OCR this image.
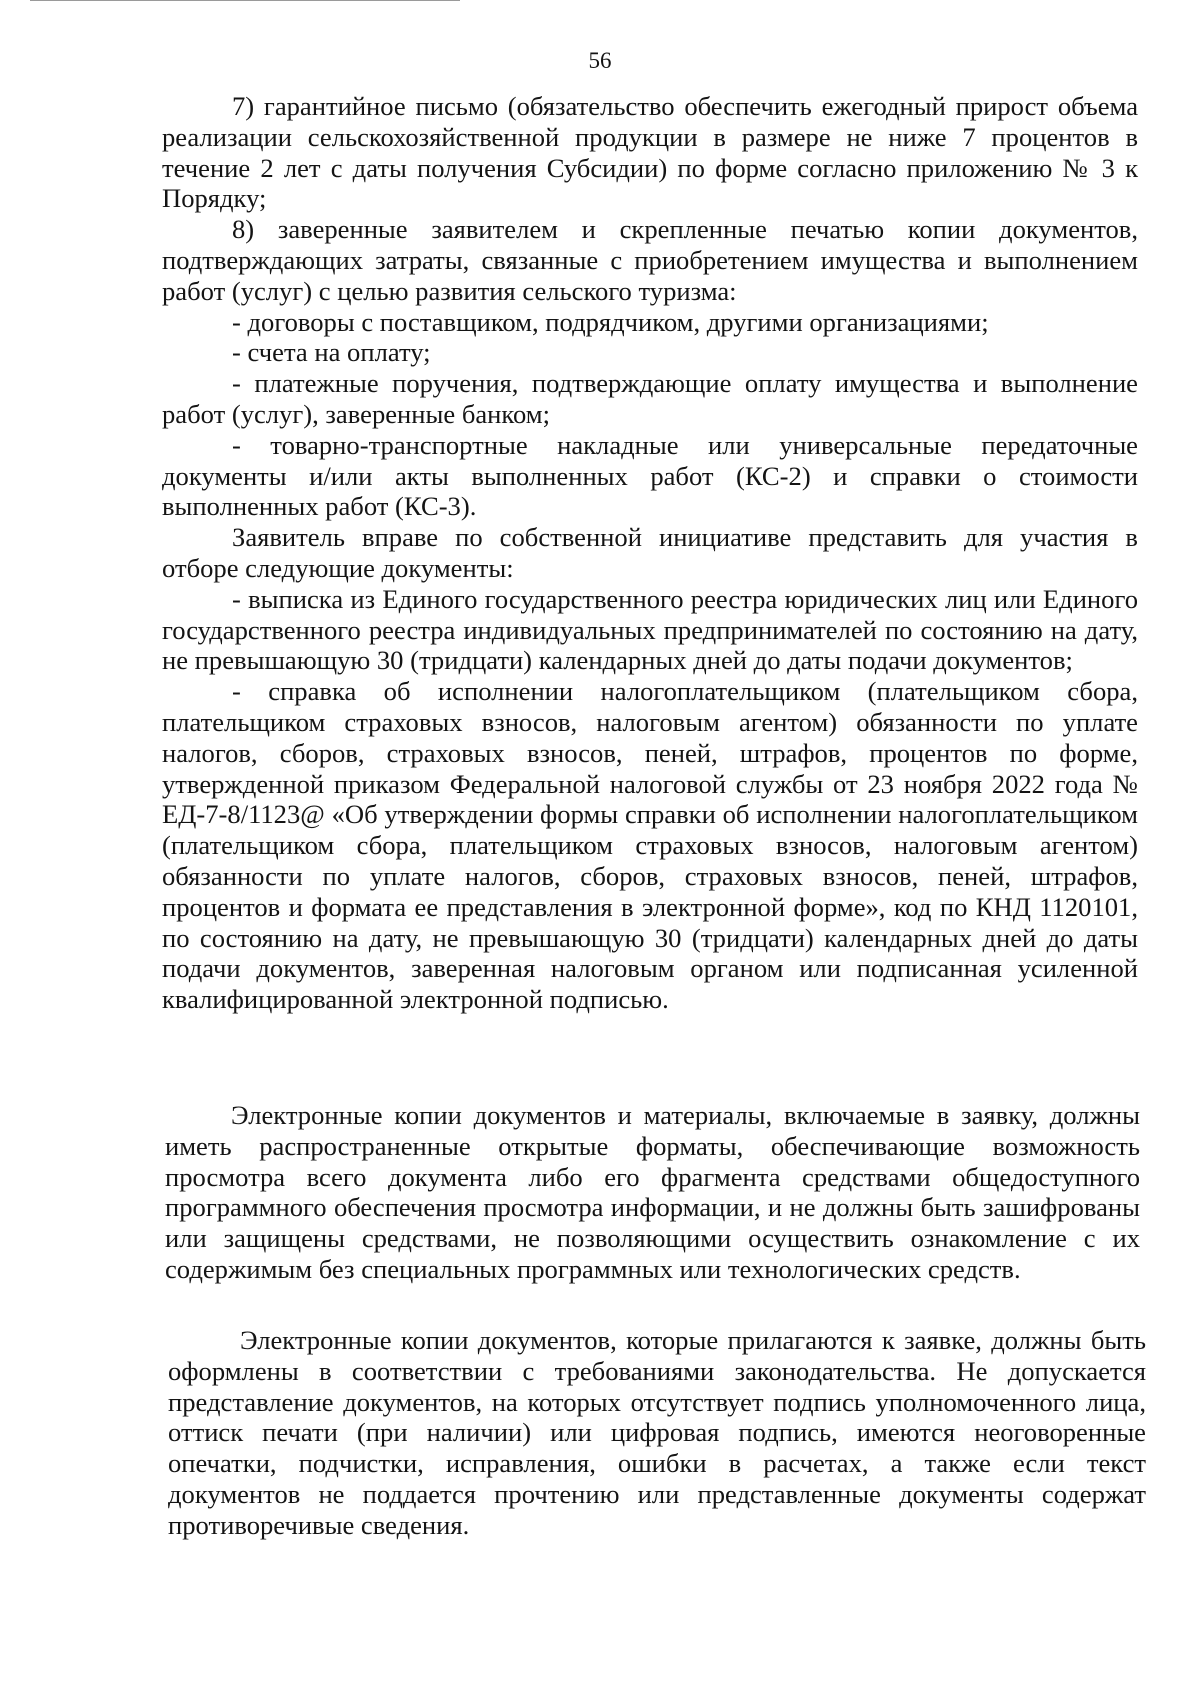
56

7) гарантийное письмо (обязательство обеспечить ежегодный прирост объема реализации сельскохозяйственной продукции в размере не ниже 7 процентов в течение 2 лет с даты получения Субсидии) по форме согласно приложению № 3 к Порядку;

8) заверенные заявителем и скрепленные печатью копии документов, подтверждающих затраты, связанные с приобретением имущества и выполнением работ (услуг) с целью развития сельского туризма:

- договоры с поставщиком, подрядчиком, другими организациями;

- счета на оплату;

- платежные поручения, подтверждающие оплату имущества и выполнение работ (услуг), заверенные банком;

- товарно-транспортные накладные или универсальные передаточные документы и/или акты выполненных работ (КС-2) и справки о стоимости выполненных работ (КС-3).

Заявитель вправе по собственной инициативе представить для участия в отборе следующие документы:

- выписка из Единого государственного реестра юридических лиц или Единого государственного реестра индивидуальных предпринимателей по состоянию на дату, не превышающую 30 (тридцати) календарных дней до даты подачи документов;

- справка об исполнении налогоплательщиком (плательщиком сбора, плательщиком страховых взносов, налоговым агентом) обязанности по уплате налогов, сборов, страховых взносов, пеней, штрафов, процентов по форме, утвержденной приказом Федеральной налоговой службы от 23 ноября 2022 года № ЕД-7-8/1123@ «Об утверждении формы справки об исполнении налогоплательщиком (плательщиком сбора, плательщиком страховых взносов, налоговым агентом) обязанности по уплате налогов, сборов, страховых взносов, пеней, штрафов, процентов и формата ее представления в электронной форме», код по КНД 1120101, по состоянию на дату, не превышающую 30 (тридцати) календарных дней до даты подачи документов, заверенная налоговым органом или подписанная усиленной квалифицированной электронной подписью.

Электронные копии документов и материалы, включаемые в заявку, должны иметь распространенные открытые форматы, обеспечивающие возможность просмотра всего документа либо его фрагмента средствами общедоступного программного обеспечения просмотра информации, и не должны быть зашифрованы или защищены средствами, не позволяющими осуществить ознакомление с их содержимым без специальных программных или технологических средств.

Электронные копии документов, которые прилагаются к заявке, должны быть оформлены в соответствии с требованиями законодательства. Не допускается представление документов, на которых отсутствует подпись уполномоченного лица, оттиск печати (при наличии) или цифровая подпись, имеются неоговоренные опечатки, подчистки, исправления, ошибки в расчетах, а также если текст документов не поддается прочтению или представленные документы содержат противоречивые сведения.
